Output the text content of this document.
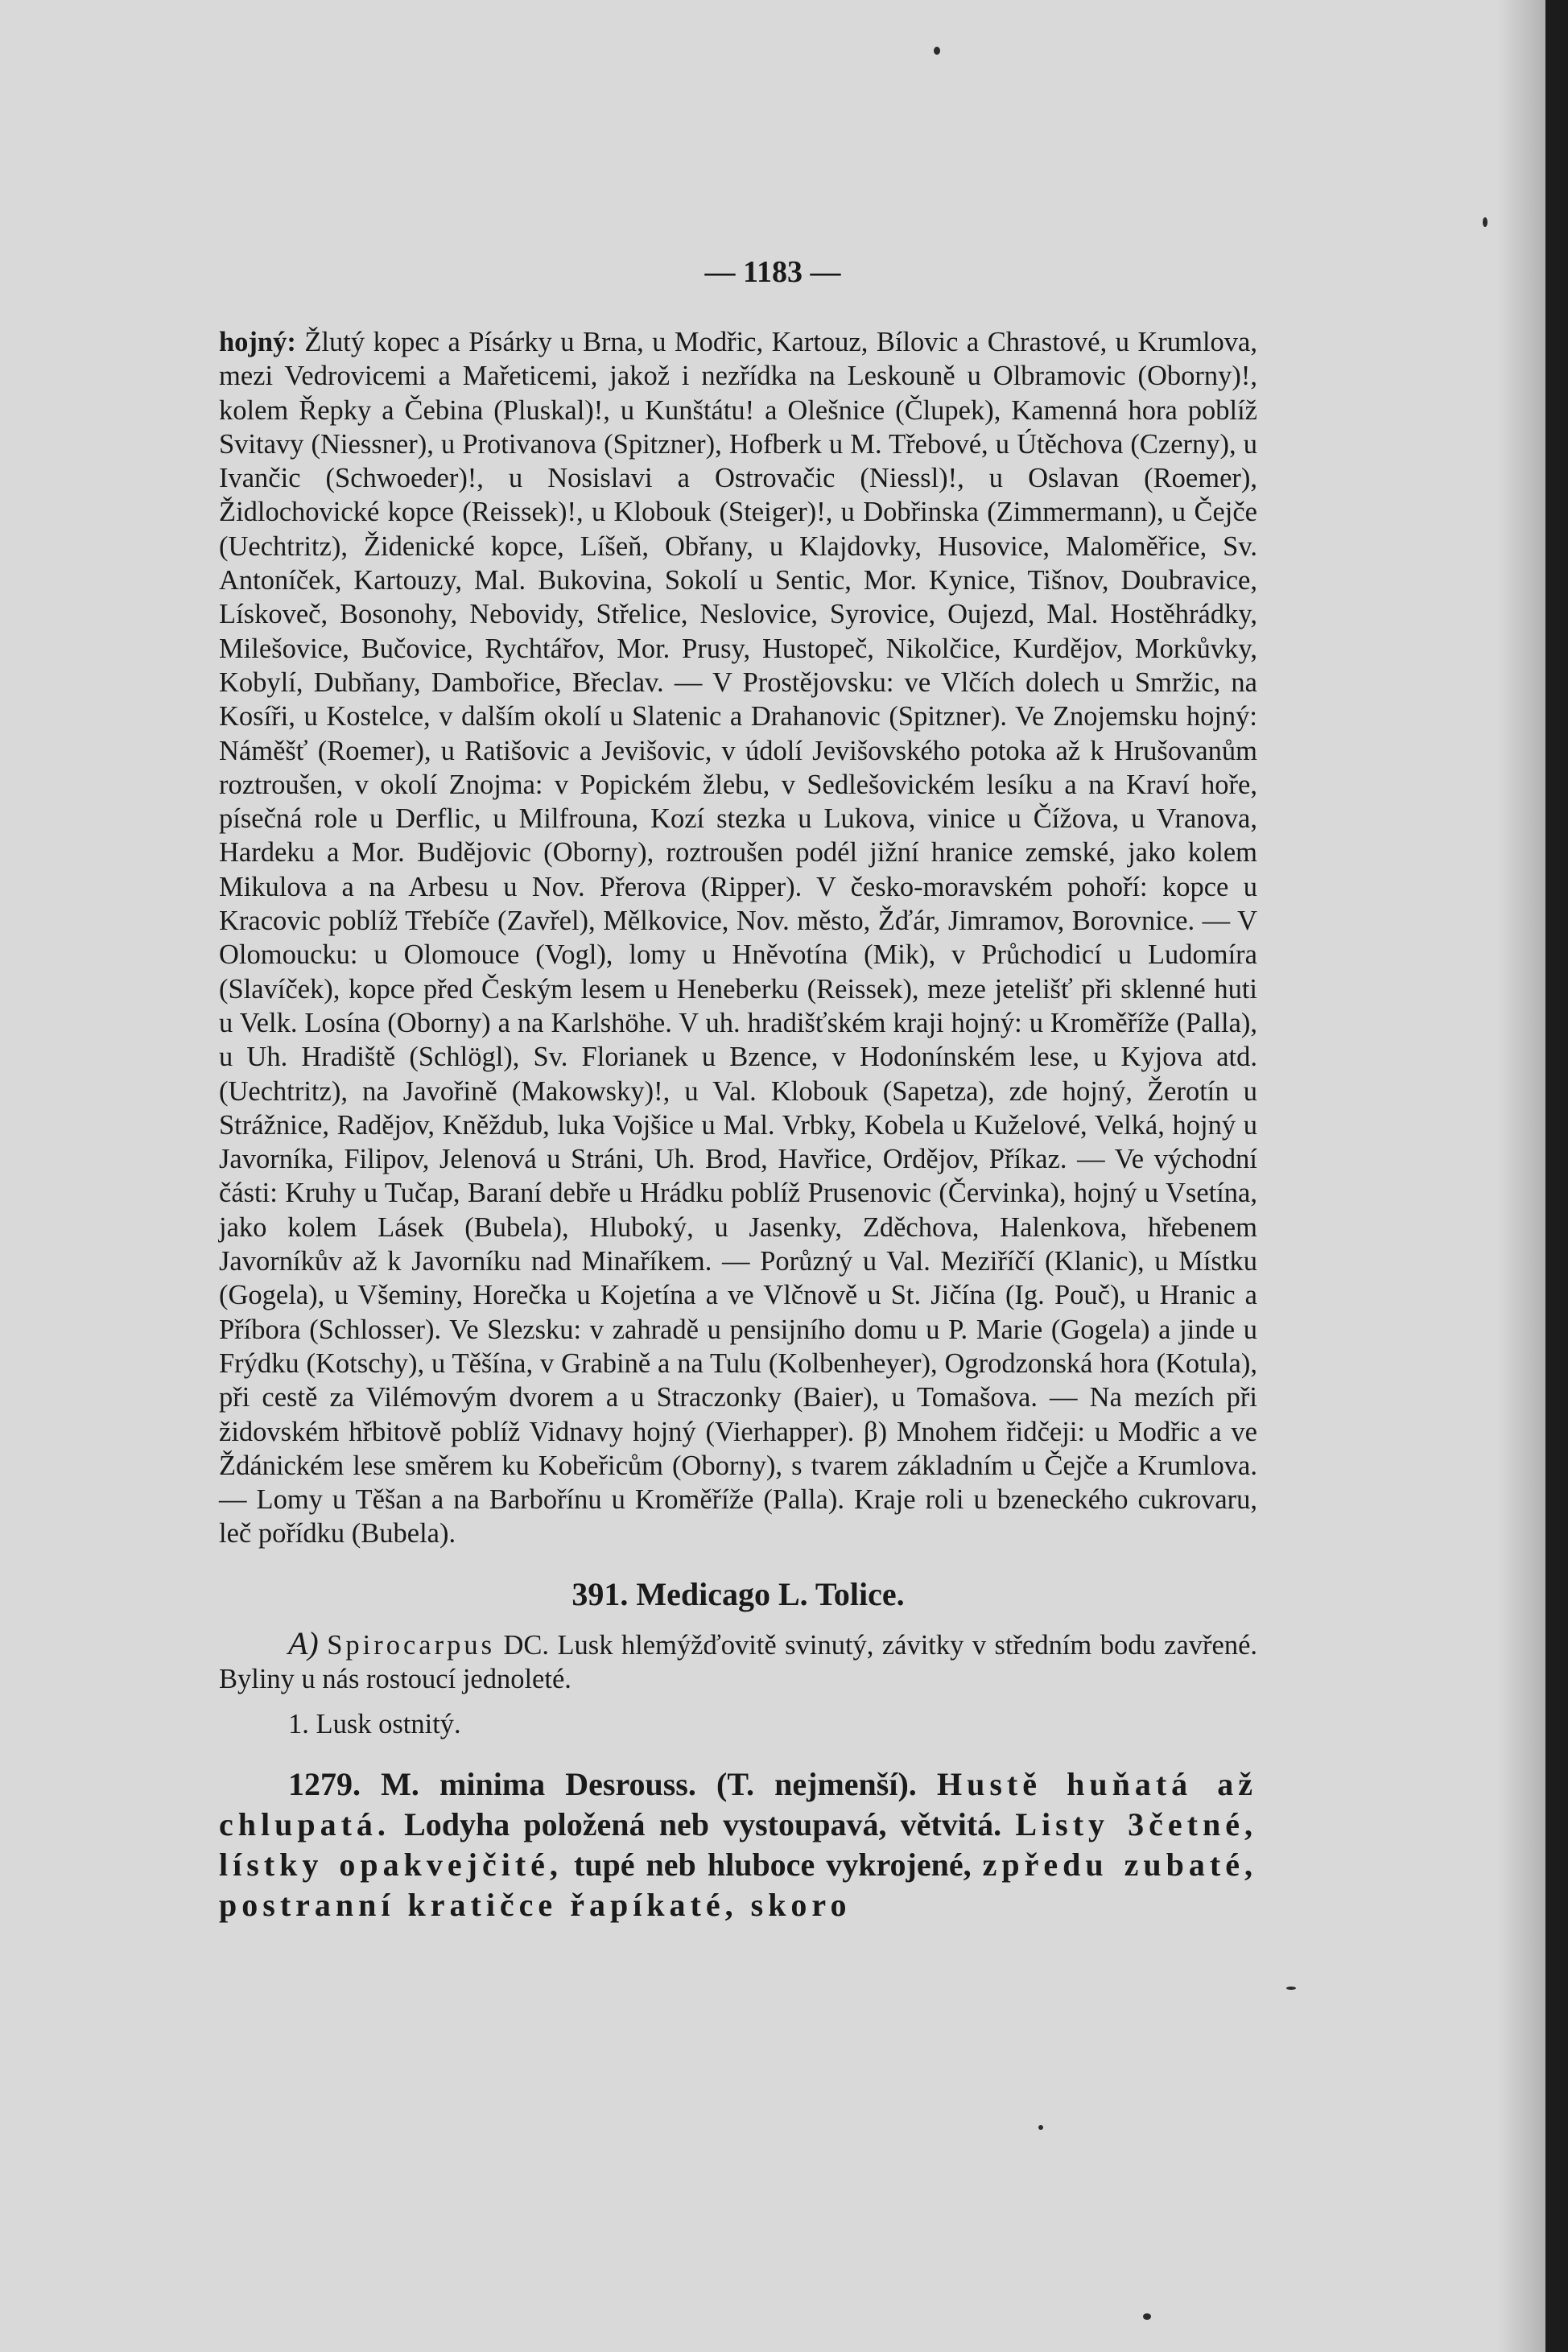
— 1183 —

hojný: Žlutý kopec a Písárky u Brna, u Modřic, Kartouz, Bílovic a Chrastové, u Krumlova, mezi Vedrovicemi a Mařeticemi, jakož i nezřídka na Leskouně u Olbramovic (Oborny)!, kolem Řepky a Čebina (Pluskal)!, u Kunštátu! a Olešnice (Člupek), Kamenná hora poblíž Svitavy (Niessner), u Protivanova (Spitzner), Hofberk u M. Třebové, u Útěchova (Czerny), u Ivančic (Schwoeder)!, u Nosislavi a Ostrovačic (Niessl)!, u Oslavan (Roemer), Židlochovické kopce (Reissek)!, u Klobouk (Steiger)!, u Dobřinska (Zimmermann), u Čejče (Uechtritz), Židenické kopce, Líšeň, Obřany, u Klajdovky, Husovice, Maloměřice, Sv. Antoníček, Kartouzy, Mal. Bukovina, Sokolí u Sentic, Mor. Kynice, Tišnov, Doubravice, Lískoveč, Bosonohy, Nebovidy, Střelice, Neslovice, Syrovice, Oujezd, Mal. Hostěhrádky, Milešovice, Bučovice, Rychtářov, Mor. Prusy, Hustopeč, Nikolčice, Kurdějov, Morkůvky, Kobylí, Dubňany, Dambořice, Břeclav. — V Prostějovsku: ve Vlčích dolech u Smržic, na Kosíři, u Kostelce, v dalším okolí u Slatenic a Drahanovic (Spitzner). Ve Znojemsku hojný: Náměšť (Roemer), u Ratišovic a Jevišovic, v údolí Jevišovského potoka až k Hrušovanům roztroušen, v okolí Znojma: v Popickém žlebu, v Sedlešovickém lesíku a na Kraví hoře, písečná role u Derflic, u Milfrouna, Kozí stezka u Lukova, vinice u Čížova, u Vranova, Hardeku a Mor. Budějovic (Oborny), roztroušen podél jižní hranice zemské, jako kolem Mikulova a na Arbesu u Nov. Přerova (Ripper). V česko-moravském pohoří: kopce u Kracovic poblíž Třebíče (Zavřel), Mělkovice, Nov. město, Žďár, Jimramov, Borovnice. — V Olomoucku: u Olomouce (Vogl), lomy u Hněvotína (Mik), v Průchodicí u Ludomíra (Slavíček), kopce před Českým lesem u Heneberku (Reissek), meze jetelišť při sklenné huti u Velk. Losína (Oborny) a na Karlshöhe. V uh. hradišťském kraji hojný: u Kroměříže (Palla), u Uh. Hradiště (Schlögl), Sv. Florianek u Bzence, v Hodonínském lese, u Kyjova atd. (Uechtritz), na Javořině (Makowsky)!, u Val. Klobouk (Sapetza), zde hojný, Žerotín u Strážnice, Radějov, Kněždub, luka Vojšice u Mal. Vrbky, Kobela u Kuželové, Velká, hojný u Javorníka, Filipov, Jelenová u Stráni, Uh. Brod, Havřice, Orděјov, Příkaz. — Ve východní části: Kruhy u Tučap, Baraní debře u Hrádku poblíž Prusenovic (Červinka), hojný u Vsetína, jako kolem Lásek (Bubela), Hluboký, u Jasenky, Zděchova, Halenkova, hřebenem Javorníkův až k Javorníku nad Minaříkem. — Porůzný u Val. Meziříčí (Klanic), u Místku (Gogela), u Všeminy, Horečka u Kojetína a ve Vlčnově u St. Jičína (Ig. Pouč), u Hranic a Příbora (Schlosser). Ve Slezsku: v zahradě u pensijního domu u P. Marie (Gogela) a jinde u Frýdku (Kotschy), u Těšína, v Grabině a na Tulu (Kolbenheyer), Ogrodzonská hora (Kotula), při cestě za Vilémovým dvorem a u Straczonky (Baier), u Tomašova. — Na mezích při židovském hřbitově poblíž Vidnavy hojný (Vierhapper). β) Mnohem řidčeji: u Modřic a ve Ždánickém lese směrem ku Kobeřicům (Oborny), s tvarem základním u Čejče a Krumlova. — Lomy u Těšan a na Barbořínu u Kroměříže (Palla). Kraje roli u bzeneckého cukrovaru, leč pořídku (Bubela).

391. Medicago L. Tolice.

A) Spirocarpus DC. Lusk hlemýžďovitě svinutý, závitky v středním bodu zavřené. Byliny u nás rostoucí jednoleté.

1. Lusk ostnitý.

1279. M. minima Desrouss. (T. nejmenší). Hustě huňatá až chlupatá. Lodyha položená neb vystoupavá, větvitá. Listy 3četné, lístky opakvejčité, tupé neb hluboce vykrojené, zpředu zubaté, postranní kratičce řapíkaté, skoro
